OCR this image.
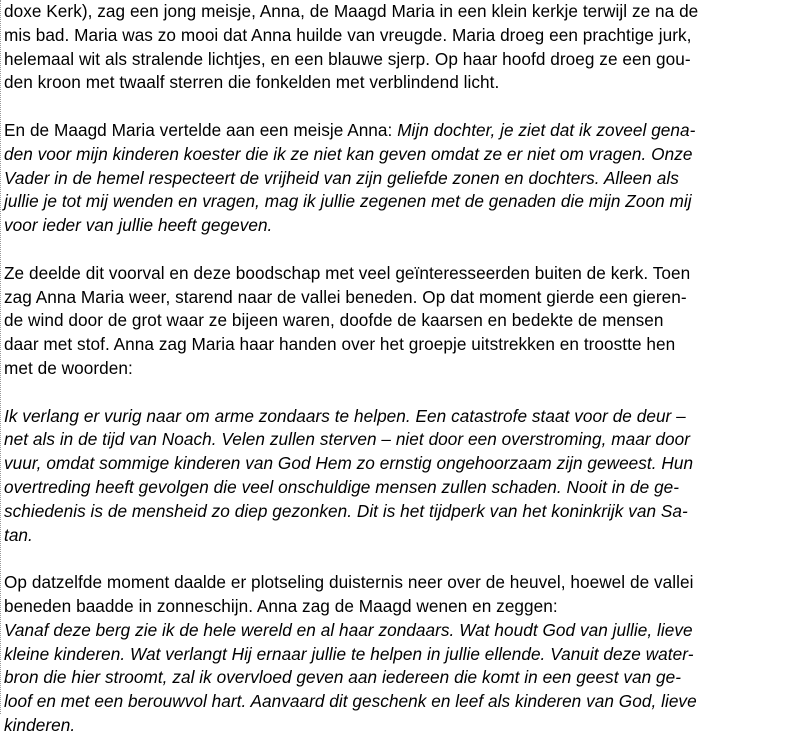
doxe Kerk), zag een jong meisje, Anna, de Maagd Maria in een klein kerkje terwijl ze na de
mis bad. Maria was zo mooi dat Anna huilde van vreugde. Maria droeg een prachtige jurk,
helemaal wit als stralende lichtjes, en een blauwe sjerp. Op haar hoofd droeg ze een gou-
den kroon met twaalf sterren die fonkelden met verblindend licht.
En de Maagd Maria vertelde aan een meisje Anna: Mijn dochter, je ziet dat ik zoveel gena-
den voor mijn kinderen koester die ik ze niet kan geven omdat ze er niet om vragen. Onze
Vader in de hemel respecteert de vrijheid van zijn geliefde zonen en dochters. Alleen als
jullie je tot mij wenden en vragen, mag ik jullie zegenen met de genaden die mijn Zoon mij
voor ieder van jullie heeft gegeven.
Ze deelde dit voorval en deze boodschap met veel geïnteresseerden buiten de kerk. Toen
zag Anna Maria weer, starend naar de vallei beneden. Op dat moment gierde een gieren-
de wind door de grot waar ze bijeen waren, doofde de kaarsen en bedekte de mensen
daar met stof. Anna zag Maria haar handen over het groepje uitstrekken en troostte hen
met de woorden:
Ik verlang er vurig naar om arme zondaars te helpen. Een catastrofe staat voor de deur –
net als in de tijd van Noach. Velen zullen sterven – niet door een overstroming, maar door
vuur, omdat sommige kinderen van God Hem zo ernstig ongehoorzaam zijn geweest. Hun
overtreding heeft gevolgen die veel onschuldige mensen zullen schaden. Nooit in de ge-
schiedenis is de mensheid zo diep gezonken. Dit is het tijdperk van het koninkrijk van Sa-
tan.
Op datzelfde moment daalde er plotseling duisternis neer over de heuvel, hoewel de vallei
beneden baadde in zonneschijn. Anna zag de Maagd wenen en zeggen:
Vanaf deze berg zie ik de hele wereld en al haar zondaars. Wat houdt God van jullie, lieve
kleine kinderen. Wat verlangt Hij ernaar jullie te helpen in jullie ellende. Vanuit deze water-
bron die hier stroomt, zal ik overvloed geven aan iedereen die komt in een geest van ge-
loof en met een berouwvol hart. Aanvaard dit geschenk en leef als kinderen van God, lieve
kinderen.
